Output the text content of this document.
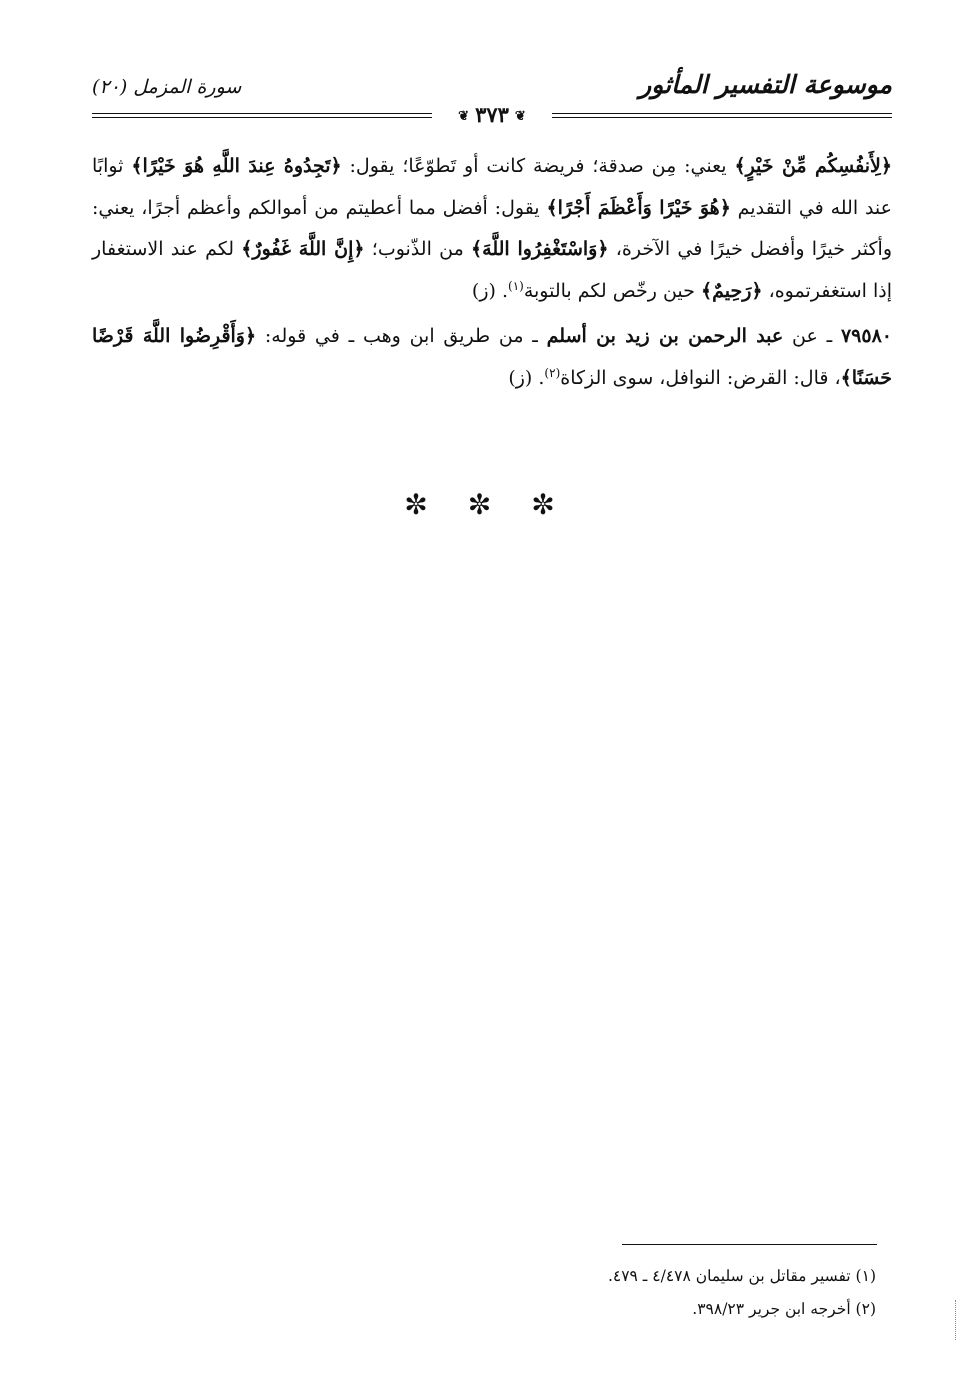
موسوعة التفسير المأثور
سورة المزمل (٢٠)
❦٣٧٣❦

﴿لِأَنفُسِكُم مِّنْ خَيْرٍ﴾ يعني: مِن صدقة؛ فريضة كانت أو تَطوّعًا؛ يقول: ﴿تَجِدُوهُ عِندَ اللَّهِ هُوَ خَيْرًا﴾ ثوابًا عند الله في التقديم ﴿هُوَ خَيْرًا وَأَعْظَمَ أَجْرًا﴾ يقول: أفضل مما أعطيتم من أموالكم وأعظم أجرًا، يعني: وأكثر خيرًا وأفضل خيرًا في الآخرة، ﴿وَاسْتَغْفِرُوا اللَّهَ﴾ من الذّنوب؛ ﴿إِنَّ اللَّهَ غَفُورٌ﴾ لكم عند الاستغفار إذا استغفرتموه، ﴿رَحِيمٌ﴾ حين رخّص لكم بالتوبة$^{(١)}$. (ز)

٧٩٥٨٠ ـ عن عبد الرحمن بن زيد بن أسلم ـ من طريق ابن وهب ـ في قوله: ﴿وَأَقْرِضُوا اللَّهَ قَرْضًا حَسَنًا﴾، قال: القرض: النوافل، سوى الزكاة$^{(٢)}$. (ز)

✼✼✼

(١) تفسير مقاتل بن سليمان ٤/٤٧٨ ـ ٤٧٩.

(٢) أخرجه ابن جرير ٣٩٨/٢٣.
